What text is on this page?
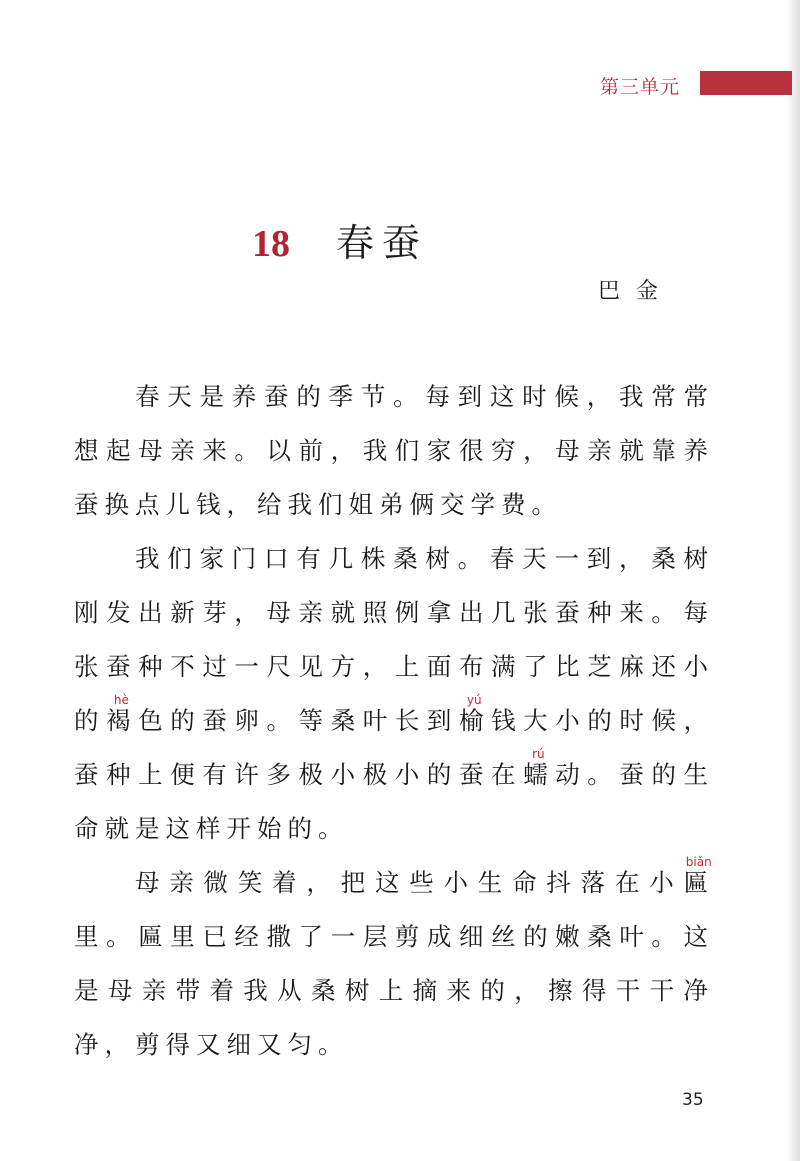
第三单元
18 春蚕
巴金

春天是养蚕的季节。每到这时候，我常常想起母亲来。以前，我们家很穷，母亲就靠养蚕换点儿钱，给我们姐弟俩交学费。

我们家门口有几株桑树。春天一到，桑树刚发出新芽，母亲就照例拿出几张蚕种来。每张蚕种不过一尺见方，上面布满了比芝麻还小的褐hè色的蚕卵。等桑叶长到榆yú钱大小的时候，蚕种上便有许多极小极小的蚕在蠕rú动。蚕的生命就是这样开始的。

母亲微笑着，把这些小生命抖落在小匾biǎn里。匾里已经撒了一层剪成细丝的嫩桑叶。这是母亲带着我从桑树上摘来的，擦得干干净净，剪得又细又匀。

35
